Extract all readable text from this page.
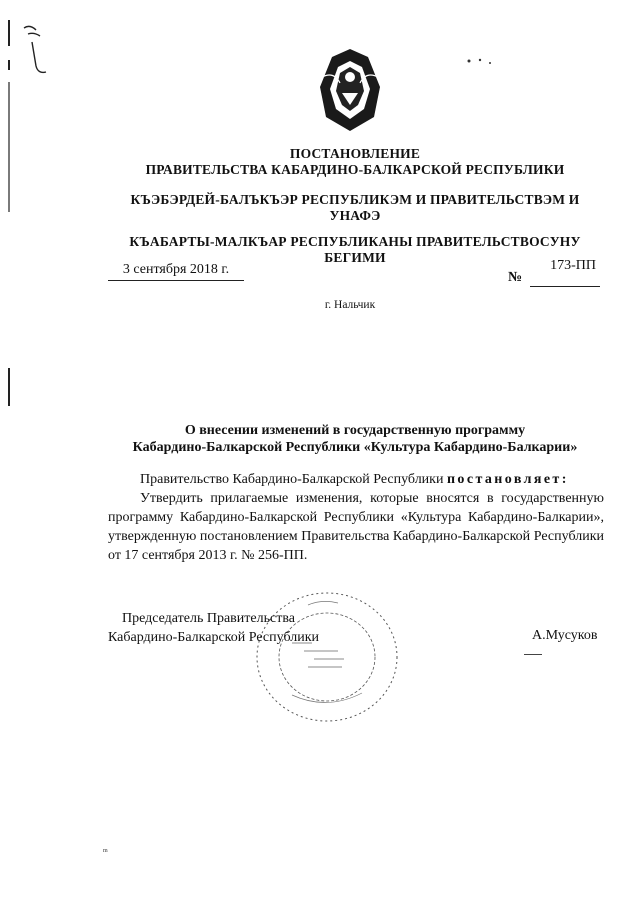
ПОСТАНОВЛЕНИЕ
ПРАВИТЕЛЬСТВА КАБАРДИНО-БАЛКАРСКОЙ РЕСПУБЛИКИ
КЪЭБЭРДЕЙ-БАЛЪКЪЭР РЕСПУБЛИКЭМ И ПРАВИТЕЛЬСТВЭМ И
УНАФЭ
КЪАБАРТЫ-МАЛКЪАР РЕСПУБЛИКАНЫ ПРАВИТЕЛЬСТВОСУНУ
БЕГИМИ
3 сентября 2018 г.
№
173-ПП
г. Нальчик
О внесении изменений в государственную программу
Кабардино-Балкарской Республики «Культура Кабардино-Балкарии»

Правительство Кабардино-Балкарской Республики постановляет:

Утвердить прилагаемые изменения, которые вносятся в государственную программу Кабардино-Балкарской Республики «Культура Кабардино-Балкарии», утвержденную постановлением Правительства Кабардино-Балкарской Республики от 17 сентября 2013 г. № 256-ПП.

Председатель Правительства
Кабардино-Балкарской Республики	А.Мусуков
m
